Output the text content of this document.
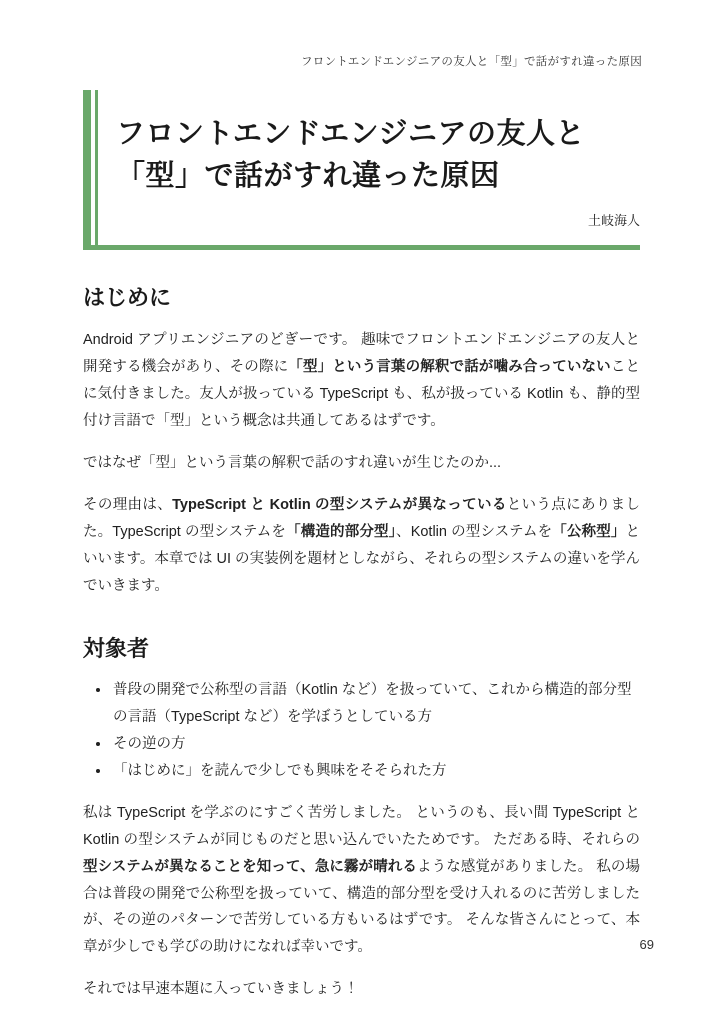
フロントエンドエンジニアの友人と「型」で話がすれ違った原因
フロントエンドエンジニアの友人と
「型」で話がすれ違った原因
土岐海人
はじめに

Android アプリエンジニアのどぎーです。 趣味でフロントエンドエンジニアの友人と開発する機会があり、その際に「型」という言葉の解釈で話が噛み合っていないことに気付きました。友人が扱っている TypeScript も、私が扱っている Kotlin も、静的型付け言語で「型」という概念は共通してあるはずです。

ではなぜ「型」という言葉の解釈で話のすれ違いが生じたのか...

その理由は、TypeScript と Kotlin の型システムが異なっているという点にありました。TypeScript の型システムを「構造的部分型」、Kotlin の型システムを「公称型」といいます。本章では UI の実装例を題材としながら、それらの型システムの違いを学んでいきます。

対象者
• 普段の開発で公称型の言語（Kotlin など）を扱っていて、これから構造的部分型の言語（TypeScript など）を学ぼうとしている方
• その逆の方
• 「はじめに」を読んで少しでも興味をそそられた方

私は TypeScript を学ぶのにすごく苦労しました。 というのも、長い間 TypeScript と Kotlin の型システムが同じものだと思い込んでいたためです。 ただある時、それらの型システムが異なることを知って、急に霧が晴れるような感覚がありました。 私の場合は普段の開発で公称型を扱っていて、構造的部分型を受け入れるのに苦労しましたが、その逆のパターンで苦労している方もいるはずです。 そんな皆さんにとって、本章が少しでも学びの助けになれば幸いです。

それでは早速本題に入っていきましょう！

69
